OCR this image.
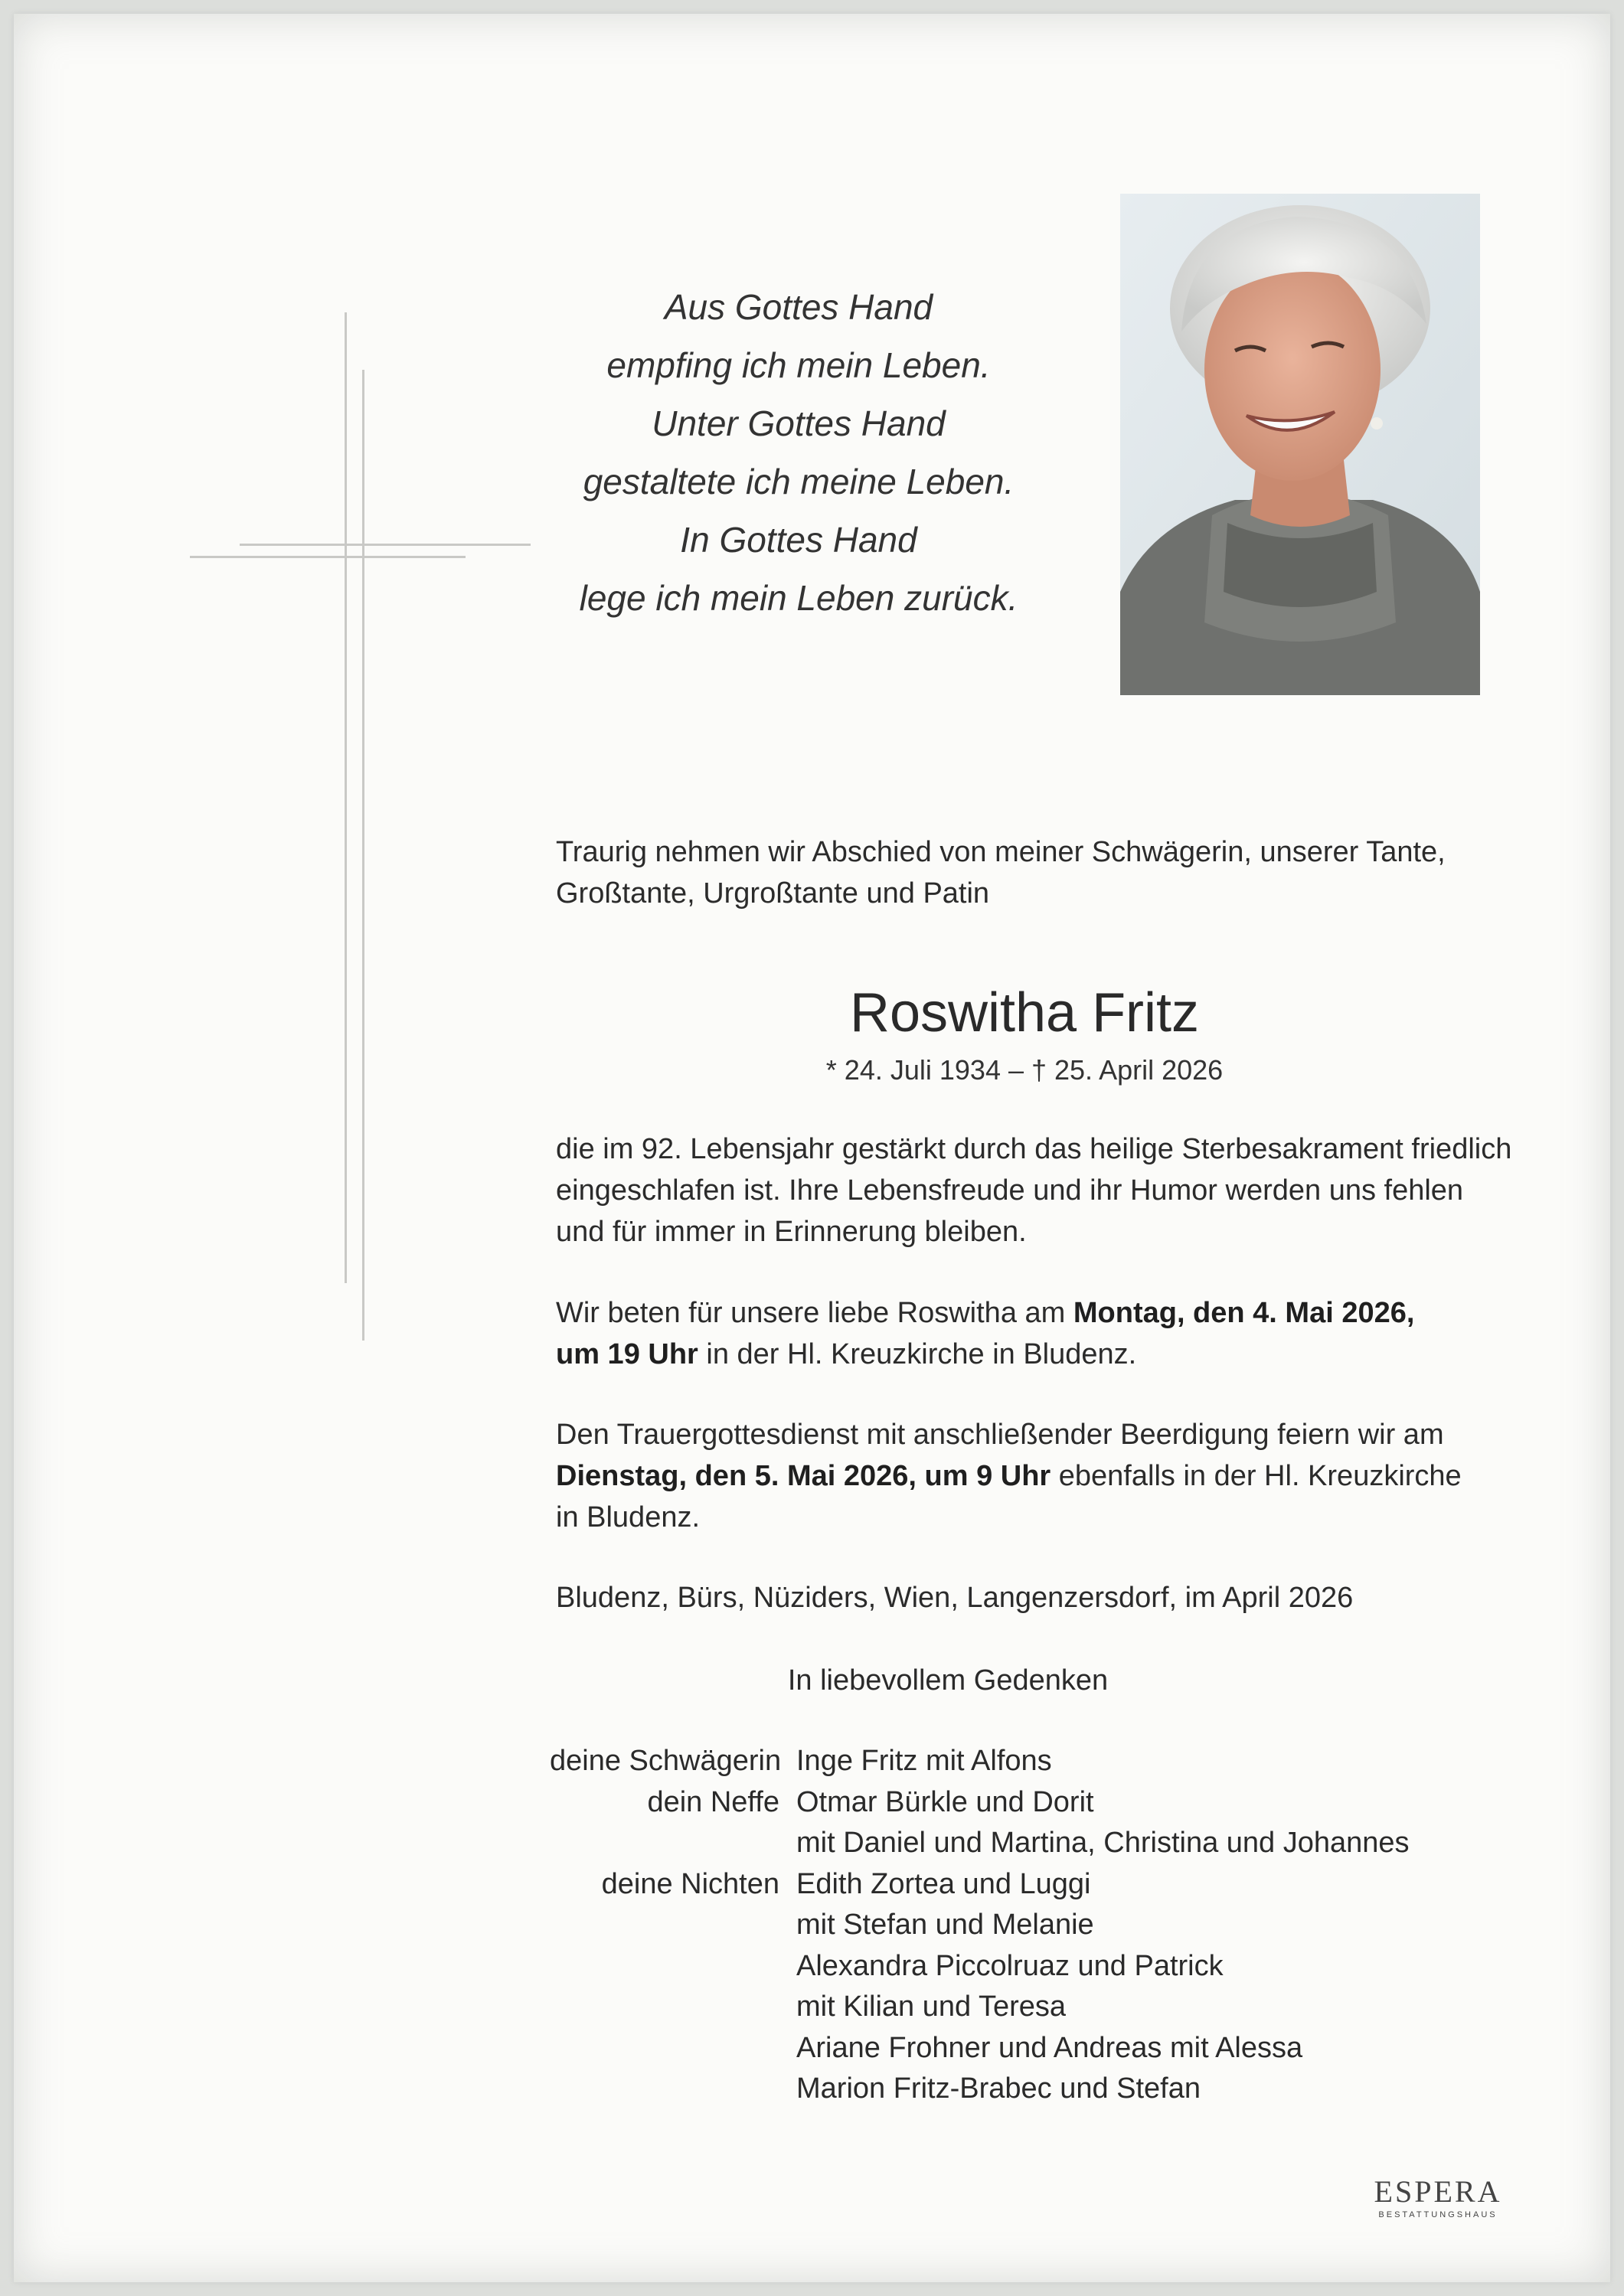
Aus Gottes Hand
empfing ich mein Leben.
Unter Gottes Hand
gestaltete ich meine Leben.
In Gottes Hand
lege ich mein Leben zurück.

Traurig nehmen wir Abschied von meiner Schwägerin, unserer Tante,

Großtante, Urgroßtante und Patin

Roswitha Fritz
* 24. Juli 1934 – † 25. April 2026

die im 92. Lebensjahr gestärkt durch das heilige Sterbesakrament friedlich

eingeschlafen ist. Ihre Lebensfreude und ihr Humor werden uns fehlen

und für immer in Erinnerung bleiben.

Wir beten für unsere liebe Roswitha am Montag, den 4. Mai 2026,

um 19 Uhr in der Hl. Kreuzkirche in Bludenz.

Den Trauergottesdienst mit anschließender Beerdigung feiern wir am

Dienstag, den 5. Mai 2026, um 9 Uhr ebenfalls in der Hl. Kreuzkirche

in Bludenz.

Bludenz, Bürs, Nüziders, Wien, Langenzersdorf, im April 2026

In liebevollem Gedenken
deine Schwägerin Inge Fritz mit Alfons
dein Neffe Otmar Bürkle und Dorit
mit Daniel und Martina, Christina und Johannes
deine Nichten Edith Zortea und Luggi
mit Stefan und Melanie
Alexandra Piccolruaz und Patrick
mit Kilian und Teresa
Ariane Frohner und Andreas mit Alessa
Marion Fritz-Brabec und Stefan
ESPERA
BESTATTUNGSHAUS
